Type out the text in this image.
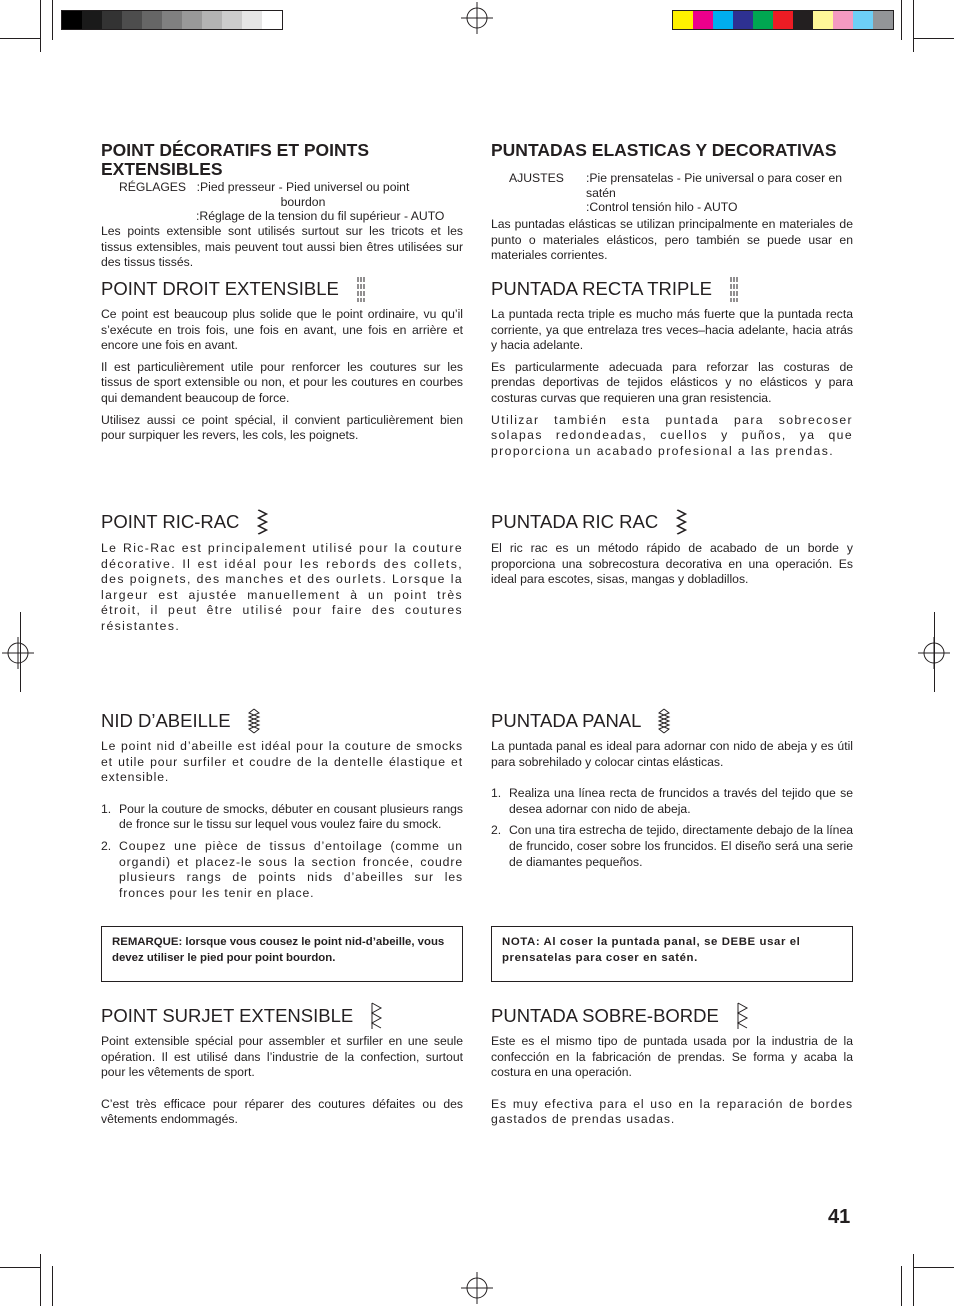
POINT DÉCORATIFS ET POINTS EXTENSIBLES
RÉGLAGES :Pied presseur - Pied universel ou point bourdon
:Réglage de la tension du fil supérieur - AUTO

Les points extensible sont utilisés surtout sur les tricots et les tissus extensibles, mais peuvent tout aussi bien êtres utilisées sur des tissus tissés.

POINT DROIT EXTENSIBLE

Ce point est beaucoup plus solide que le point ordinaire, vu qu’il s’exécute en trois fois, une fois en avant, une fois en arrière et encore une fois en avant.

Il est particulièrement utile pour renforcer les coutures sur les tissus de sport extensible ou non, et pour les coutures en courbes qui demandent beaucoup de force.

Utilisez aussi ce point spécial, il convient particulièrement bien pour surpiquer les revers, les cols, les poignets.

POINT RIC-RAC

Le Ric-Rac est principalement utilisé pour la couture décorative. Il est idéal pour les rebords des collets, des poignets, des manches et des ourlets. Lorsque la largeur est ajustée manuellement à un point très étroit, il peut être utilisé pour faire des coutures résistantes.

NID D’ABEILLE

Le point nid d’abeille est idéal pour la couture de smocks et utile pour surfiler et coudre de la dentelle élastique et extensible.

1. Pour la couture de smocks, débuter en cousant plusieurs rangs de fronce sur le tissu sur lequel vous voulez faire du smock.
2. Coupez une pièce de tissus d’entoilage (comme un organdi) et placez-le sous la section froncée, coudre plusieurs rangs de points nids d’abeilles sur les fronces pour les tenir en place.
REMARQUE: lorsque vous cousez le point nid-d’abeille, vous devez utiliser le pied pour point bourdon.
POINT SURJET EXTENSIBLE

Point extensible spécial pour assembler et surfiler en une seule opération. Il est utilisé dans l’industrie de la confection, surtout pour les vêtements de sport.

C’est très efficace pour réparer des coutures défaites ou des vêtements endommagés.

PUNTADAS ELASTICAS Y DECORATIVAS
AJUSTES	:Pie prensatelas - Pie universal o para coser en satén
:Control tensión hilo - AUTO

Las puntadas elásticas se utilizan principalmente en materiales de punto o materiales elásticos, pero también se puede usar en materiales corrientes.

PUNTADA RECTA TRIPLE

La puntada recta triple es mucho más fuerte que la puntada recta corriente, ya que entrelaza tres veces–hacia adelante, hacia atrás y hacia adelante.

Es particularmente adecuada para reforzar las costuras de prendas deportivas de tejidos elásticos y no elásticos y para costuras curvas que requieren una gran resistencia.

Utilizar también esta puntada para sobrecoser solapas redondeadas, cuellos y puños, ya que proporciona un acabado profesional a las prendas.

PUNTADA RIC RAC

El ric rac es un método rápido de acabado de un borde y proporciona una sobrecostura decorativa en una operación. Es ideal para escotes, sisas, mangas y dobladillos.

PUNTADA PANAL

La puntada panal es ideal para adornar con nido de abeja y es útil para sobrehilado y colocar cintas elásticas.

1. Realiza una línea recta de fruncidos a través del tejido que se desea adornar con nido de abeja.
2. Con una tira estrecha de tejido, directamente debajo de la línea de fruncido, coser sobre los fruncidos. El diseño será una serie de diamantes pequeños.
NOTA: Al coser la puntada panal, se DEBE usar el prensatelas para coser en satén.
PUNTADA SOBRE-BORDE

Este es el mismo tipo de puntada usada por la industria de la confección en la fabricación de prendas. Se forma y acaba la costura en una operación.

Es muy efectiva para el uso en la reparación de bordes gastados de prendas usadas.

41
